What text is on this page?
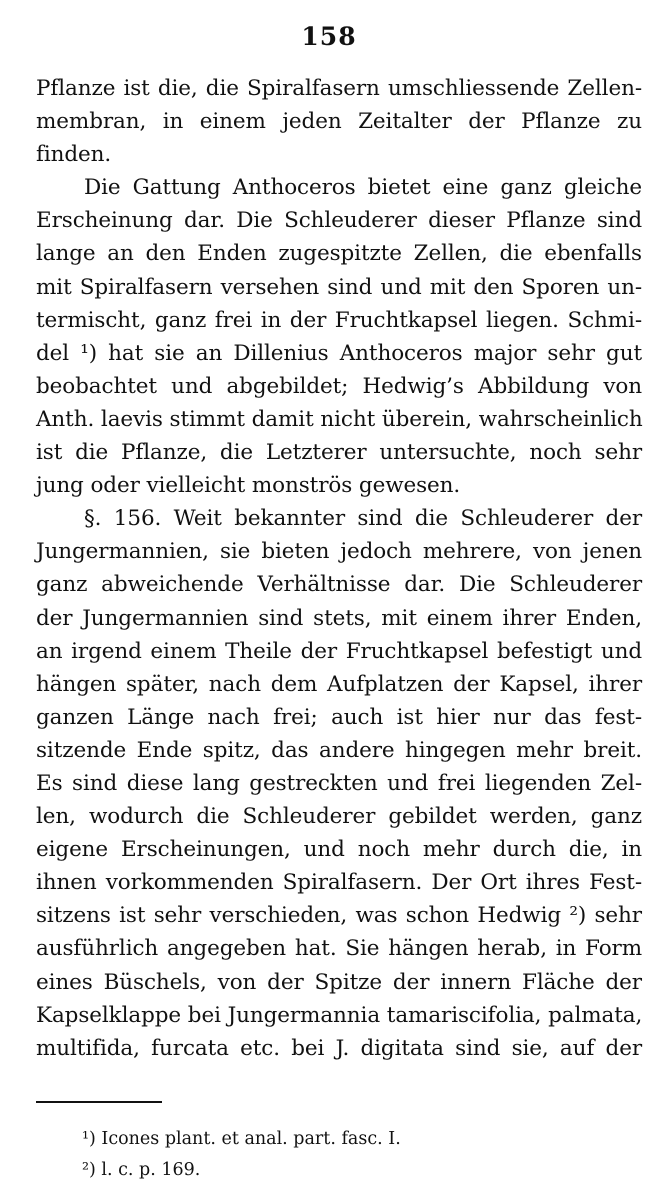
158
Pflanze ist die, die Spiralfasern umschliessende Zellen-
membran, in einem jeden Zeitalter der Pflanze zu
finden.
Die Gattung Anthoceros bietet eine ganz gleiche
Erscheinung dar. Die Schleuderer dieser Pflanze sind
lange an den Enden zugespitzte Zellen, die ebenfalls
mit Spiralfasern versehen sind und mit den Sporen un-
termischt, ganz frei in der Fruchtkapsel liegen. Schmi-
del ¹) hat sie an Dillenius Anthoceros major sehr gut
beobachtet und abgebildet; Hedwig’s Abbildung von
Anth. laevis stimmt damit nicht überein, wahrscheinlich
ist die Pflanze, die Letzterer untersuchte, noch sehr
jung oder vielleicht monströs gewesen.
§. 156. Weit bekannter sind die Schleuderer der
Jungermannien, sie bieten jedoch mehrere, von jenen
ganz abweichende Verhältnisse dar. Die Schleuderer
der Jungermannien sind stets, mit einem ihrer Enden,
an irgend einem Theile der Fruchtkapsel befestigt und
hängen später, nach dem Aufplatzen der Kapsel, ihrer
ganzen Länge nach frei; auch ist hier nur das fest-
sitzende Ende spitz, das andere hingegen mehr breit.
Es sind diese lang gestreckten und frei liegenden Zel-
len, wodurch die Schleuderer gebildet werden, ganz
eigene Erscheinungen, und noch mehr durch die, in
ihnen vorkommenden Spiralfasern. Der Ort ihres Fest-
sitzens ist sehr verschieden, was schon Hedwig ²) sehr
ausführlich angegeben hat. Sie hängen herab, in Form
eines Büschels, von der Spitze der innern Fläche der
Kapselklappe bei Jungermannia tamariscifolia, palmata,
multifida, furcata etc. bei J. digitata sind sie, auf der
¹) Icones plant. et anal. part. fasc. I.
²) l. c. p. 169.
